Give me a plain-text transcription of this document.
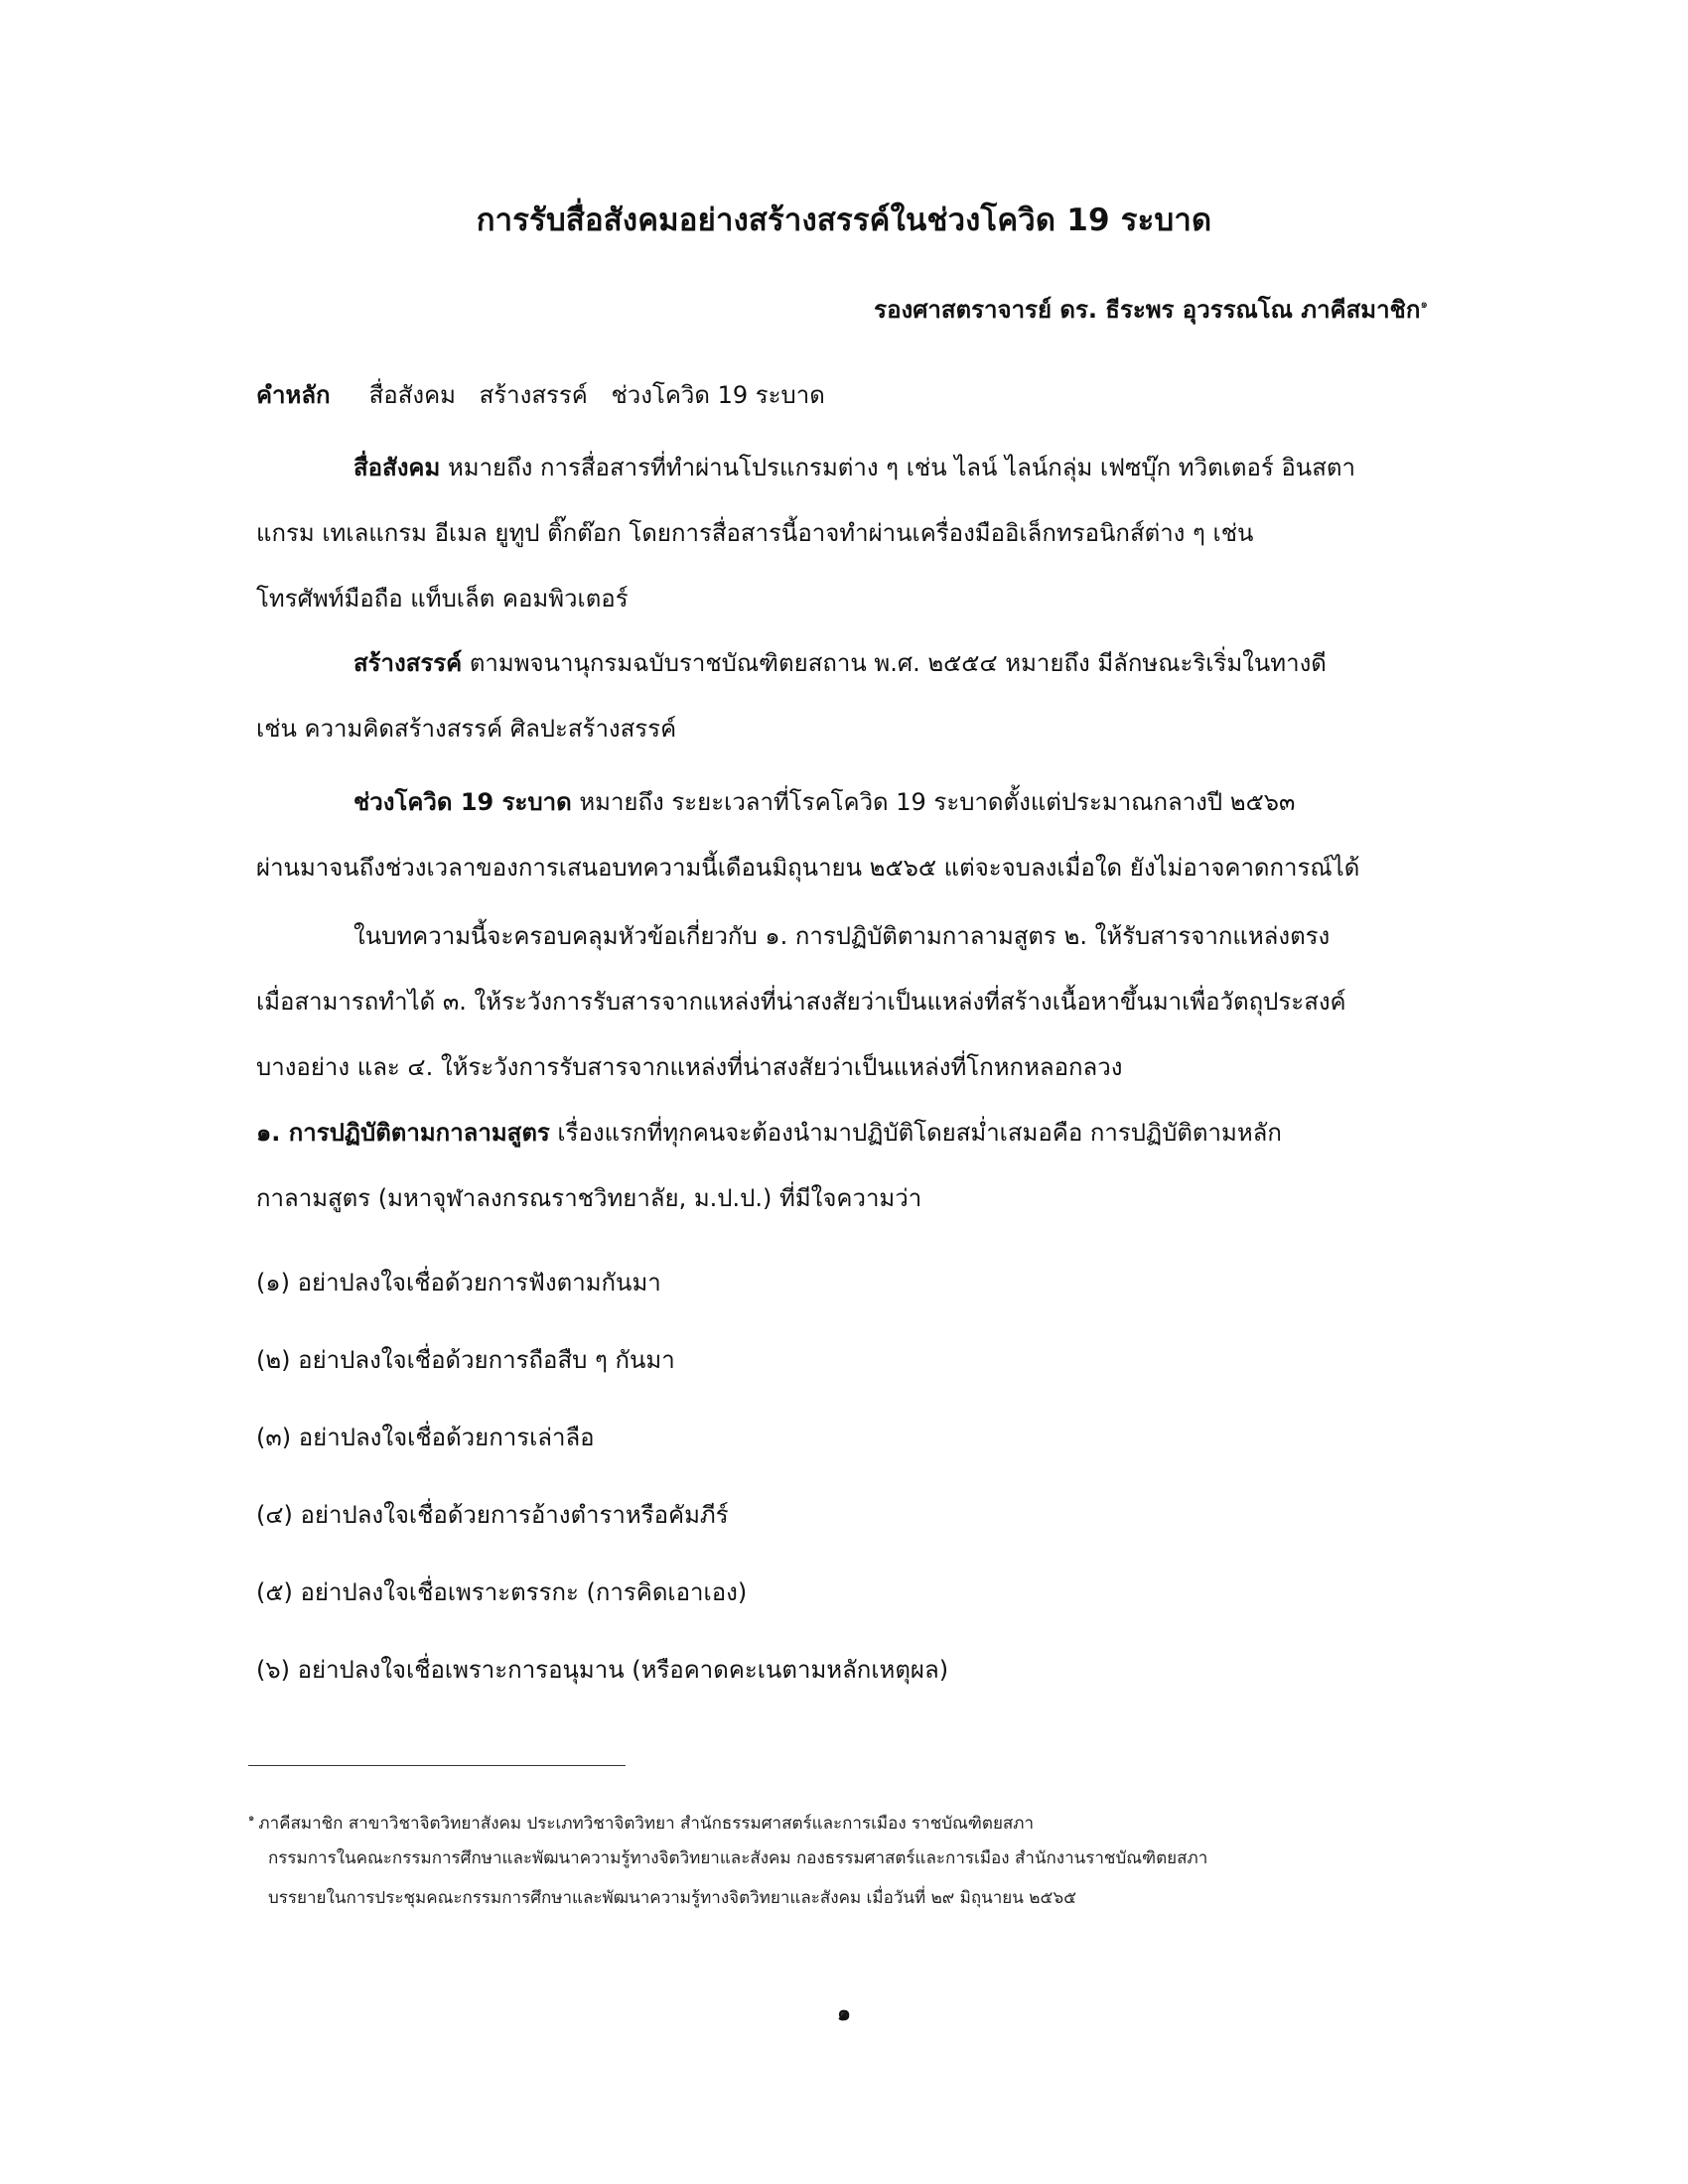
การรับสื่อสังคมอย่างสร้างสรรค์ในช่วงโควิด 19 ระบาด
รองศาสตราจารย์ ดร. ธีระพร อุวรรณโณ ภาคีสมาชิก$^๑$
คำหลัก สื่อสังคม สร้างสรรค์ ช่วงโควิด 19 ระบาด
สื่อสังคม หมายถึง การสื่อสารที่ทำผ่านโปรแกรมต่าง ๆ เช่น ไลน์ ไลน์กลุ่ม เฟซบุ๊ก ทวิตเตอร์ อินสตา
แกรม เทเลแกรม อีเมล ยูทูป ติ๊กต๊อก โดยการสื่อสารนี้อาจทำผ่านเครื่องมืออิเล็กทรอนิกส์ต่าง ๆ เช่น
โทรศัพท์มือถือ แท็บเล็ต คอมพิวเตอร์
สร้างสรรค์ ตามพจนานุกรมฉบับราชบัณฑิตยสถาน พ.ศ. ๒๕๕๔ หมายถึง มีลักษณะริเริ่มในทางดี
เช่น ความคิดสร้างสรรค์ ศิลปะสร้างสรรค์
ช่วงโควิด 19 ระบาด หมายถึง ระยะเวลาที่โรคโควิด 19 ระบาดตั้งแต่ประมาณกลางปี ๒๕๖๓
ผ่านมาจนถึงช่วงเวลาของการเสนอบทความนี้เดือนมิถุนายน ๒๕๖๕ แต่จะจบลงเมื่อใด ยังไม่อาจคาดการณ์ได้
ในบทความนี้จะครอบคลุมหัวข้อเกี่ยวกับ ๑. การปฏิบัติตามกาลามสูตร ๒. ให้รับสารจากแหล่งตรง
เมื่อสามารถทำได้ ๓. ให้ระวังการรับสารจากแหล่งที่น่าสงสัยว่าเป็นแหล่งที่สร้างเนื้อหาขึ้นมาเพื่อวัตถุประสงค์
บางอย่าง และ ๔. ให้ระวังการรับสารจากแหล่งที่น่าสงสัยว่าเป็นแหล่งที่โกหกหลอกลวง
๑. การปฏิบัติตามกาลามสูตร เรื่องแรกที่ทุกคนจะต้องนำมาปฏิบัติโดยสม่ำเสมอคือ การปฏิบัติตามหลัก
กาลามสูตร (มหาจุฬาลงกรณราชวิทยาลัย, ม.ป.ป.) ที่มีใจความว่า
(๑) อย่าปลงใจเชื่อด้วยการฟังตามกันมา
(๒) อย่าปลงใจเชื่อด้วยการถือสืบ ๆ กันมา
(๓) อย่าปลงใจเชื่อด้วยการเล่าลือ
(๔) อย่าปลงใจเชื่อด้วยการอ้างตำราหรือคัมภีร์
(๕) อย่าปลงใจเชื่อเพราะตรรกะ (การคิดเอาเอง)
(๖) อย่าปลงใจเชื่อเพราะการอนุมาน (หรือคาดคะเนตามหลักเหตุผล)
$^๑$ ภาคีสมาชิก สาขาวิชาจิตวิทยาสังคม ประเภทวิชาจิตวิทยา สำนักธรรมศาสตร์และการเมือง ราชบัณฑิตยสภา
กรรมการในคณะกรรมการศึกษาและพัฒนาความรู้ทางจิตวิทยาและสังคม กองธรรมศาสตร์และการเมือง สำนักงานราชบัณฑิตยสภา
บรรยายในการประชุมคณะกรรมการศึกษาและพัฒนาความรู้ทางจิตวิทยาและสังคม เมื่อวันที่ ๒๙ มิถุนายน ๒๕๖๕
๑
